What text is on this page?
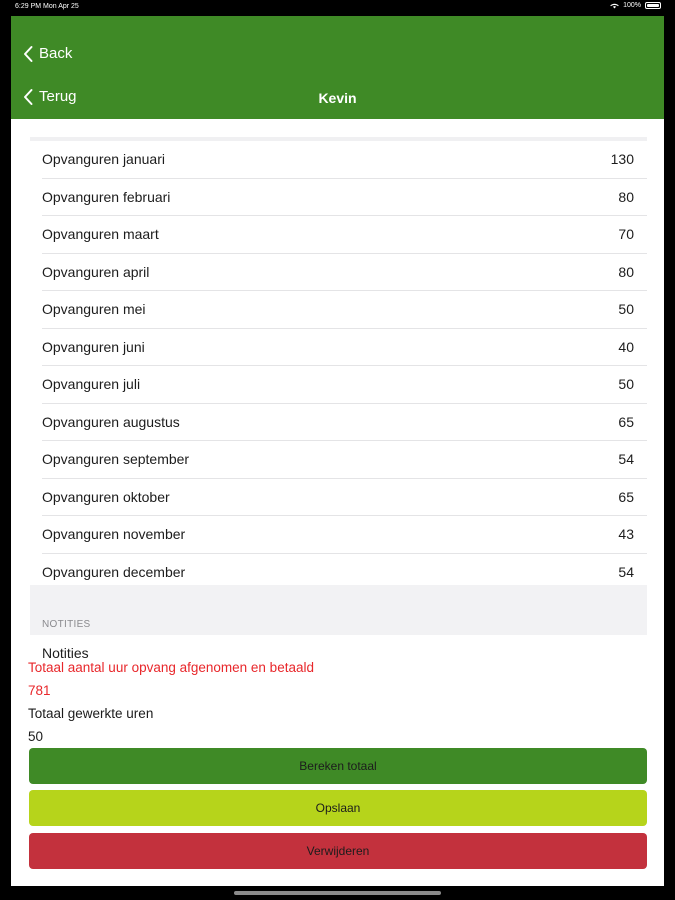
6:29 PM Mon Apr 25	100%
Back
Terug	Kevin
Opvanguren januari	130
Opvanguren februari	80
Opvanguren maart	70
Opvanguren april	80
Opvanguren mei	50
Opvanguren juni	40
Opvanguren juli	50
Opvanguren augustus	65
Opvanguren september	54
Opvanguren oktober	65
Opvanguren november	43
Opvanguren december	54
NOTITIES
Notities
Totaal aantal uur opvang afgenomen en betaald
781
Totaal gewerkte uren
50
Bereken totaal
Opslaan
Verwijderen
